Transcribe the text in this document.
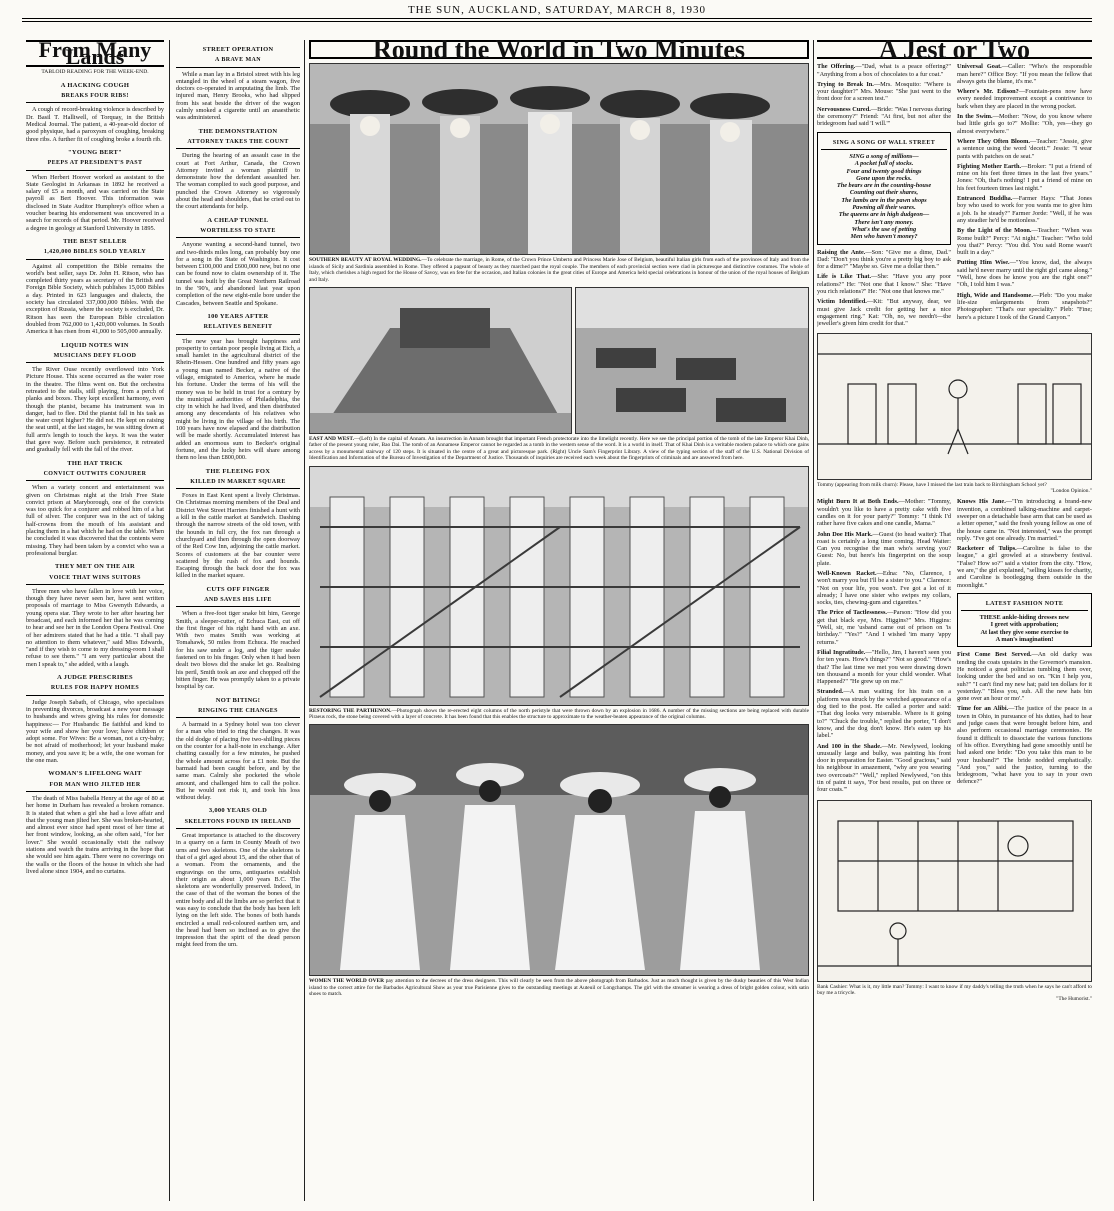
THE SUN, AUCKLAND, SATURDAY, MARCH 8, 1930
From Many Lands
TABLOID READING FOR THE WEEK-END.
A HACKING COUGH
BREAKS FOUR RIBS!

A cough of record-breaking violence is described by Dr. Basil T. Halliwell, of Torquay, in the British Medical Journal. The patient, a 40-year-old doctor of good physique, had a paroxysm of coughing, breaking three ribs. A further fit of coughing broke a fourth rib.

"YOUNG BERT"
PEEPS AT PRESIDENT'S PAST

When Herbert Hoover worked as assistant to the State Geologist in Arkansas in 1892 he received a salary of £5 a month, and was carried on the State payroll as Bert Hoover. This information was disclosed in State Auditor Humphrey's office when a voucher bearing his endorsement was uncovered in a search for records of that period. Mr. Hoover received a degree in geology at Stanford University in 1895.

THE BEST SELLER
1,420,000 BIBLES SOLD YEARLY

Against all competition the Bible remains the world's best seller, says Dr. John H. Ritson, who has completed thirty years as secretary of the British and Foreign Bible Society, which publishes 15,000 Bibles a day. Printed in 623 languages and dialects, the society has circulated 337,000,000 Bibles. With the exception of Russia, where the society is excluded, Dr. Ritson has seen the European Bible circulation doubled from 762,000 to 1,420,000 volumes. In South America it has risen from 41,000 to 505,000 annually.

LIQUID NOTES WIN
MUSICIANS DEFY FLOOD

The River Ouse recently overflowed into York Picture House. This scene occurred as the water rose in the theatre. The films went on. But the orchestra retreated to the stalls, still playing, from a perch of planks and boxes. They kept excellent harmony, even though the pianist, became his instrument was in danger, had to flee. Did the pianist fall in his task as the water crept higher? He did not. He kept on raising the seat until, at the last stages, he was sitting down at full arm's length to touch the keys. It was the water that gave way. Before such persistence, it retreated and gradually fell with the fall of the river.

THE HAT TRICK
CONVICT OUTWITS CONJURER

When a variety concert and entertainment was given on Christmas night at the Irish Free State convict prison at Maryborough, one of the convicts was too quick for a conjurer and robbed him of a hat full of silver. The conjurer was in the act of taking half-crowns from the mouth of his assistant and placing them in a hat which he had on the table. When he concluded it was discovered that the contents were missing. They had been taken by a convict who was a professional burglar.

THEY MET ON THE AIR
VOICE THAT WINS SUITORS

Three men who have fallen in love with her voice, though they have never seen her, have sent written proposals of marriage to Miss Gwenyth Edwards, a young opera star. They wrote to her after hearing her broadcast, and each informed her that he was coming to hear and see her in the London Opera Festival. One of her admirers stated that he had a title. "I shall pay no attention to them whatever," said Miss Edwards, "and if they wish to come to my dressing-room I shall refuse to see them." "I am very particular about the men I speak to," she added, with a laugh.

A JUDGE PRESCRIBES
RULES FOR HAPPY HOMES

Judge Joseph Sabath, of Chicago, who specialises in preventing divorces, broadcast a new year message to husbands and wives giving his rules for domestic happiness:— For Husbands: Be faithful and kind to your wife and show her your love; have children or adopt some. For Wives: Be a woman, not a cry-baby; be not afraid of motherhood; let your husband make money, and you save it; be a wife, the one woman for the one man.

WOMAN'S LIFELONG WAIT
FOR MAN WHO JILTED HER

The death of Miss Isabella Henry at the age of 80 at her home in Durham has revealed a broken romance. It is stated that when a girl she had a love affair and that the young man jilted her. She was broken-hearted, and almost ever since had spent most of her time at her front window, looking, as she often said, "for her lover." She would occasionally visit the railway stations and watch the trains arriving in the hope that she would see him again. There were no coverings on the walls or the floors of the house in which she had lived alone since 1904, and no curtains.

STREET OPERATION
A BRAVE MAN

While a man lay in a Bristol street with his leg entangled in the wheel of a steam wagon, five doctors co-operated in amputating the limb. The injured man, Henry Brooks, who had slipped from his seat beside the driver of the wagon calmly smoked a cigarette until an anaesthetic was administered.

THE DEMONSTRATION
ATTORNEY TAKES THE COUNT

During the hearing of an assault case in the court at Fort Arthur, Canada, the Crown Attorney invited a woman plaintiff to demonstrate how the defendant assaulted her. The woman complied to such good purpose, and punched the Crown Attorney so vigorously about the head and shoulders, that he cried out to the court attendants for help.

A CHEAP TUNNEL
WORTHLESS TO STATE

Anyone wanting a second-hand tunnel, two and two-thirds miles long, can probably buy one for a song in the State of Washington. It cost between £100,000 and £600,000 new, but no one can be found now to claim ownership of it. The tunnel was built by the Great Northern Railroad in the '90's, and abandoned last year upon completion of the new eight-mile bore under the Cascades, between Seattle and Spokane.

100 YEARS AFTER
RELATIVES BENEFIT

The new year has brought happiness and prosperity to certain poor people living at Eich, a small hamlet in the agricultural district of the Rhein-Hessen. One hundred and fifty years ago a young man named Becker, a native of the village, emigrated to America, where he made his fortune. Under the terms of his will the money was to be held in trust for a century by the municipal authorities of Philadelphia, the city in which he had lived, and then distributed among any descendants of his relatives who might be living in the village of his birth. The 100 years have now elapsed and the distribution will be made shortly. Accumulated interest has added an enormous sum to Becker's original fortune, and the lucky heirs will share among them no less than £800,000.

THE FLEEING FOX
KILLED IN MARKET SQUARE

Foxes in East Kent spent a lively Christmas. On Christmas morning members of the Deal and District West Street Harriers finished a hunt with a kill in the cattle market at Sandwich. Dashing through the narrow streets of the old town, with the hounds in full cry, the fox ran through a churchyard and then through the open doorway of the Red Cow Inn, adjoining the cattle market. Scores of customers at the bar counter were scattered by the rush of fox and hounds. Escaping through the back door the fox was killed in the market square.

CUTS OFF FINGER
AND SAVES HIS LIFE

When a five-foot tiger snake bit him, George Smith, a sleeper-cutter, of Echuca East, cut off the first finger of his right hand with an axe. With two mates Smith was working at Tomahawk, 50 miles from Echuca. He reached for his saw under a log, and the tiger snake fastened on to his finger. Only when it had been dealt two blows did the snake let go. Realising his peril, Smith took an axe and chopped off the bitten finger. He was promptly taken to a private hospital by car.

NOT BITING!
RINGING THE CHANGES

A barmaid in a Sydney hotel was too clever for a man who tried to ring the changes. It was the old dodge of placing five two-shilling pieces on the counter for a half-note in exchange. After chatting casually for a few minutes, he pushed the whole amount across for a £1 note. But the barmaid had been caught before, and by the same man. Calmly she pocketed the whole amount, and challenged him to call the police. But he would not risk it, and took his loss without delay.

3,000 YEARS OLD
SKELETONS FOUND IN IRELAND

Great importance is attached to the discovery in a quarry on a farm in County Meath of two urns and two skeletons. One of the skeletons is that of a girl aged about 15, and the other that of a woman. From the ornaments, and the engravings on the urns, antiquaries establish their origin as about 1,000 years B.C. The skeletons are wonderfully preserved. Indeed, in the case of that of the woman the bones of the entire body and all the limbs are so perfect that it was easy to conclude that the body has been left lying on the left side. The bones of both hands encircled a small red-coloured earthen urn, and the head had been so inclined as to give the impression that the spirit of the dead person might feed from the urn.

Round the World in Two Minutes
SOUTHERN BEAUTY AT ROYAL WEDDING.—To celebrate the marriage, in Rome, of the Crown Prince Umberto and Princess Marie Jose of Belgium, beautiful Italian girls from each of the provinces of Italy and from the islands of Sicily and Sardinia assembled in Rome. They offered a pageant of beauty as they marched past the royal couple. The members of each provincial section were clad in picturesque and distinctive costumes. The whole of Italy, which cherishes a high regard for the House of Savoy, was en fete for the occasion, and Italian colonies in the great cities of Europe and America held special celebrations in honour of the union of the royal houses of Belgium and Italy.
EAST AND WEST.—(Left) In the capital of Annam. An insurrection in Annam brought that important French protectorate into the limelight recently. Here we see the principal portion of the tomb of the late Emperor Khai Dinh, father of the present young ruler, Bao Dai. The tomb of an Annamese Emperor cannot be regarded as a tomb in the western sense of the word. It is a world in itself. That of Khai Dinh is a veritable modern palace to which one gains access by a monumental stairway of 120 steps. It is situated in the centre of a great and picturesque park. (Right) Uncle Sam's Fingerprint Library. A view of the typing section of the staff of the U.S. National Division of Identification and Information of the Bureau of Investigation of the Department of Justice. Thousands of inquiries are received each week about the fingerprints of criminals and are answered from here.
RESTORING THE PARTHENON.—Photograph shows the re-erected eight columns of the north peristyle that were thrown down by an explosion in 1686. A number of the missing sections are being replaced with durable Piraeus rock, the stone being covered with a layer of concrete. It has been found that this enables the structure to approximate to the weather-beaten appearance of the original columns.
WOMEN THE WORLD OVER pay attention to the decrees of the dress designers. This will clearly be seen from the above photograph from Barbados. Just as much thought is given by the dusky beauties of this West Indian island to the correct attire for the Barbados Agricultural Show as your true Parisienne gives to the outstanding meetings at Auteuil or Longchamps. The girl with the streamer is wearing a dress of bright golden colour, with satin shoes to match.
A Jest or Two
The Offering.—"Dad, what is a peace offering?" "Anything from a box of chocolates to a fur coat."
Trying to Break In.—Mrs. Mosquito: "Where is your daughter?" Mrs. Mouse: "She just went to the front door for a screen test."
Nervousness Cured.—Bride: "Was I nervous during the ceremony?" Friend: "At first, but not after the bridegroom had said 'I will.'"
SING A SONG OF WALL STREET
SING a song of millions—
A pocket full of stocks.
Four and twenty good things
Gone upon the rocks.
The bears are in the counting-house
Counting out their shares,
The lambs are in the pawn shops
Pawning all their wares.
The queens are in high dudgeon—
There isn't any money.
What's the use of petting
Men who haven't money?
Raising the Ante.—Son: "Give me a dime, Dad." Dad: "Don't you think you're a pretty big boy to ask for a dime?" "Maybe so. Give me a dollar then."
Life is Like That.—She: "Have you any poor relations?" He: "Not one that I know." She: "Have you rich relations?" He: "Not one that knows me."
Victim Identified.—Kit: "But anyway, dear, we must give Jack credit for getting her a nice engagement ring." Kat: "Oh, no, we needn't—the jeweller's given him credit for that."
Universal Goat.—Caller: "Who's the responsible man here?" Office Boy: "If you mean the fellow that always gets the blame, it's me."
Where's Mr. Edison?—Fountain-pens now have every needed improvement except a contrivance to bark when they are placed in the wrong pocket.
In the Swim.—Mother: "Now, do you know where bad little girls go to?" Mollie: "Oh, yes—they go almost everywhere."
Where They Often Bloom.—Teacher: "Jessie, give a sentence using the word 'deceit.'" Jessie: "I wear pants with patches on de seat."
Fighting Mother Earth.—Broker: "I put a friend of mine on his feet three times in the last five years." Jones: "Oh, that's nothing! I put a friend of mine on his feet fourteen times last night."
Entranced Buddha.—Farmer Hays: "That Jones boy who used to work for you wants me to give him a job. Is he steady?" Farmer Jorde: "Well, if he was any steadier he'd be motionless."
By the Light of the Moon.—Teacher: "When was Rome built?" Percy: "At night." Teacher: "Who told you that?" Percy: "You did. You said Rome wasn't built in a day."
Putting Him Wise.—"You know, dad, the always said he'd never marry until the right girl came along." "Well, how does he know you are the right one?" "Oh, I told him I was."
High, Wide and Handsome.—Pleb: "Do you make life-size enlargements from snapshots?" Photographer: "That's our speciality." Pleb: "Fine; here's a picture I took of the Grand Canyon."
Tommy (appearing from milk churn): Please, have I missed the last train back to Birchingham School yet?
"London Opinion."
Might Burn It at Both Ends.—Mother: "Tommy, wouldn't you like to have a pretty cake with five candles on it for your party?" Tommy: "I think I'd rather have five cakes and one candle, Mama."
John Doe His Mark.—Guest (to head waiter): That roast is certainly a long time coming. Head Waiter: Can you recognise the man who's serving you? Guest: No, but here's his fingerprint on the soup plate.
Well-Known Racket.—Edna: "No, Clarence, I won't marry you but I'll be a sister to you." Clarence: "Not on your life, you won't. I've got a lot of it already; I have one sister who swipes my collars, socks, ties, chewing-gum and cigarettes."
The Price of Tactlessness.—Parson: "How did you get that black eye, Mrs. Higgins?" Mrs. Higgins: "Well, sir, me 'usband came out of prison on 'is birthday." "Yes?" "And I wished 'im many 'appy returns."
Filial Ingratitude.—"Hello, Jim, I haven't seen you for ten years. How's things?" "Not so good." "How's that? The last time we met you were drawing down ten thousand a month for your child wonder. What Happened?" "He grew up on me."
Stranded.—A man waiting for his train on a platform was struck by the wretched appearance of a dog tied to the post. He called a porter and said: "That dog looks very miserable. Where is it going to?" "Chuck the trouble," replied the porter, "I don't know, and the dog don't know. He's eaten up his label."
And 100 in the Shade.—Mr. Newlywed, looking unusually large and bulky, was painting his front door in preparation for Easter. "Good gracious," said his neighbour in amazement, "why are you wearing two overcoats?" "Well," replied Newlywed, "on this tin of paint it says, 'For best results, put on three or four coats.'"
Knows His Jane.—"I'm introducing a brand-new invention, a combined talking-machine and carpet-sweeper on a detachable base arm that can be used as a letter opener," said the fresh young fellow as one of the house came in. "Not interested," was the prompt reply. "I've got one already. I'm married."
Racketeer of Tulips.—Caroline is false to the league," a girl growled at a strawberry festival. "False? How so?" said a visitor from the city. "How, we are," the girl explained, "selling kisses for charity, and Caroline is bootlegging them outside in the moonlight."
LATEST FASHION NOTE
THESE ankle-hiding dresses new
I greet with approbation;
At last they give some exercise to
A man's imagination!
First Come Best Served.—An old darky was tending the coats upstairs in the Governor's mansion. He noticed a great politician tumbling them over, looking under the bed and so on. "Kin I help you, suh?" "I can't find my new hat; paid ten dollars for it yesterday." "Bless you, suh. All the new hats bin gone over an hour or mo'."
Time for an Alibi.—The justice of the peace in a town in Ohio, in pursuance of his duties, had to hear and judge cases that were brought before him, and also perform occasional marriage ceremonies. He found it difficult to dissociate the various functions of his office. Everything had gone smoothly until he had asked one bride: "Do you take this man to be your husband?" The bride nodded emphatically. "And you," said the justice, turning to the bridegroom, "what have you to say in your own defence?"
Bank Cashier: What is it, my little man? Tommy: I want to know if my daddy's telling the truth when he says he can't afford to buy me a tricycle.
"The Humorist."
